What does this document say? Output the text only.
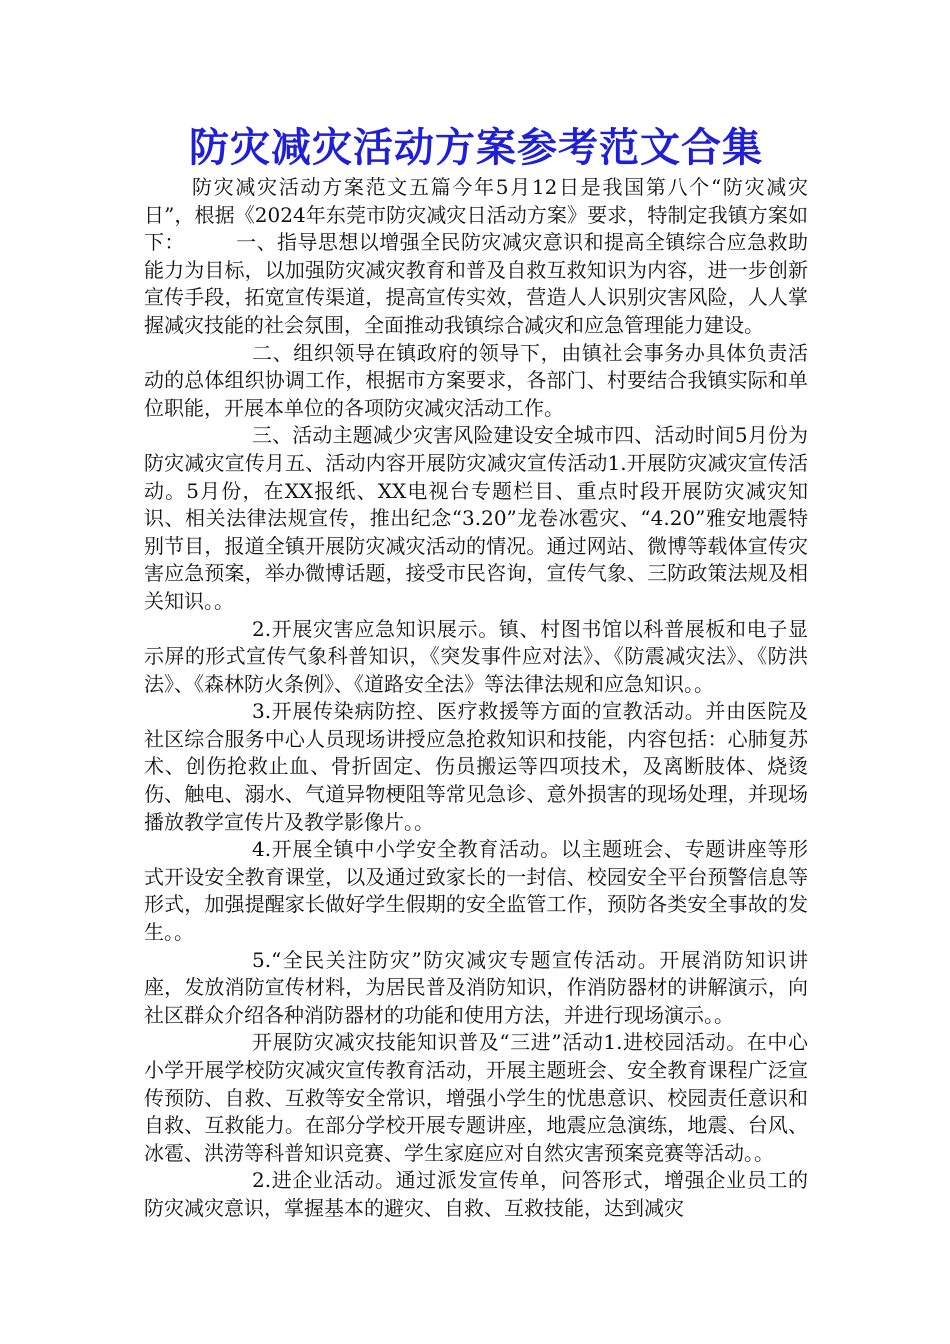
防灾减灾活动方案参考范文合集

防灾减灾活动方案范文五篇今年5月12日是我国第八个“防灾减灾日”，根据《2024年东莞市防灾减灾日活动方案》要求，特制定我镇方案如下：　　　一、指导思想以增强全民防灾减灾意识和提高全镇综合应急救助能力为目标，以加强防灾减灾教育和普及自救互救知识为内容，进一步创新宣传手段，拓宽宣传渠道，提高宣传实效，营造人人识别灾害风险，人人掌握减灾技能的社会氛围，全面推动我镇综合减灾和应急管理能力建设。

二、组织领导在镇政府的领导下，由镇社会事务办具体负责活动的总体组织协调工作，根据市方案要求，各部门、村要结合我镇实际和单位职能，开展本单位的各项防灾减灾活动工作。

三、活动主题减少灾害风险建设安全城市四、活动时间5月份为防灾减灾宣传月五、活动内容开展防灾减灾宣传活动1.开展防灾减灾宣传活动。5月份，在XX报纸、XX电视台专题栏目、重点时段开展防灾减灾知识、相关法律法规宣传，推出纪念“3.20”龙卷冰雹灾、“4.20”雅安地震特别节目，报道全镇开展防灾减灾活动的情况。通过网站、微博等载体宣传灾害应急预案，举办微博话题，接受市民咨询，宣传气象、三防政策法规及相关知识。。

2.开展灾害应急知识展示。镇、村图书馆以科普展板和电子显示屏的形式宣传气象科普知识，《突发事件应对法》、《防震减灾法》、《防洪法》、《森林防火条例》、《道路安全法》等法律法规和应急知识。。

3.开展传染病防控、医疗救援等方面的宣教活动。并由医院及社区综合服务中心人员现场讲授应急抢救知识和技能，内容包括：心肺复苏术、创伤抢救止血、骨折固定、伤员搬运等四项技术，及离断肢体、烧烫伤、触电、溺水、气道异物梗阻等常见急诊、意外损害的现场处理，并现场播放教学宣传片及教学影像片。。

4.开展全镇中小学安全教育活动。以主题班会、专题讲座等形式开设安全教育课堂，以及通过致家长的一封信、校园安全平台预警信息等形式，加强提醒家长做好学生假期的安全监管工作，预防各类安全事故的发生。。

5.“全民关注防灾”防灾减灾专题宣传活动。开展消防知识讲座，发放消防宣传材料，为居民普及消防知识，作消防器材的讲解演示，向社区群众介绍各种消防器材的功能和使用方法，并进行现场演示。。

开展防灾减灾技能知识普及“三进”活动1.进校园活动。在中心小学开展学校防灾减灾宣传教育活动，开展主题班会、安全教育课程广泛宣传预防、自救、互救等安全常识，增强小学生的忧患意识、校园责任意识和自救、互救能力。在部分学校开展专题讲座，地震应急演练，地震、台风、冰雹、洪涝等科普知识竞赛、学生家庭应对自然灾害预案竞赛等活动。。

2.进企业活动。通过派发宣传单，问答形式，增强企业员工的防灾减灾意识，掌握基本的避灾、自救、互救技能，达到减灾
